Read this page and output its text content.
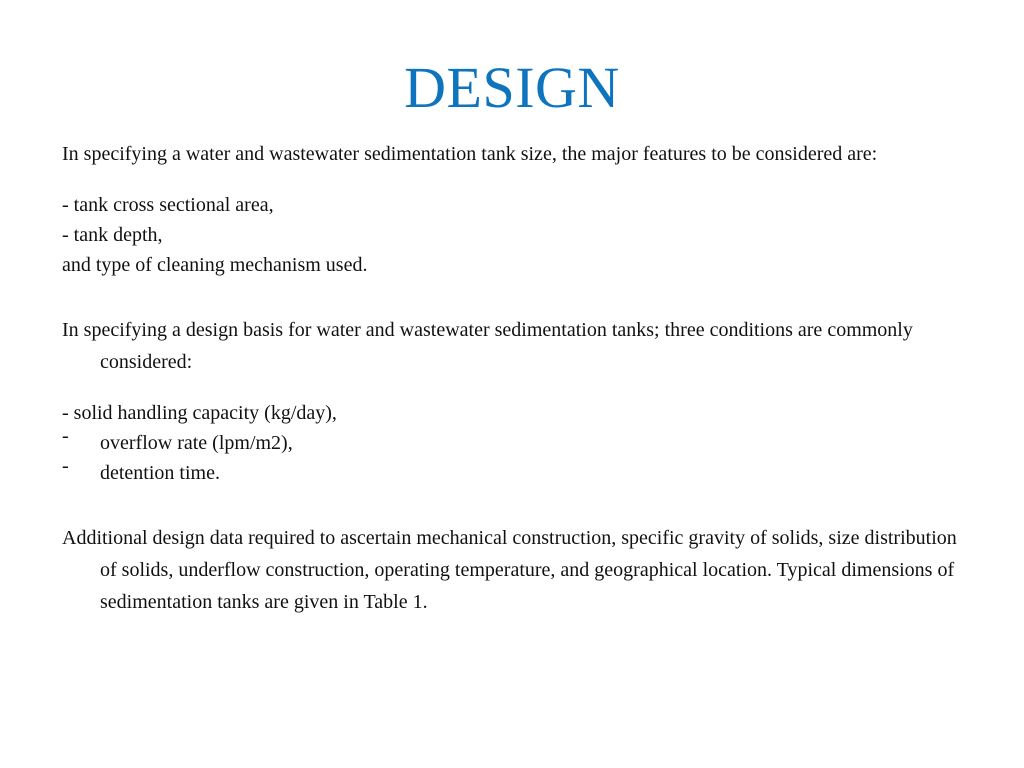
DESIGN

In specifying a water and wastewater sedimentation tank size, the major features to be considered are:

- tank cross sectional area,

- tank depth,

and type of cleaning mechanism used.

In specifying a design basis for water and wastewater sedimentation tanks; three conditions are commonly considered:

- solid handling capacity (kg/day),

- overflow rate (lpm/m2),
- detention time.

Additional design data required to ascertain mechanical construction, specific gravity of solids, size distribution of solids, underflow construction, operating temperature, and geographical location. Typical dimensions of sedimentation tanks are given in Table 1.
